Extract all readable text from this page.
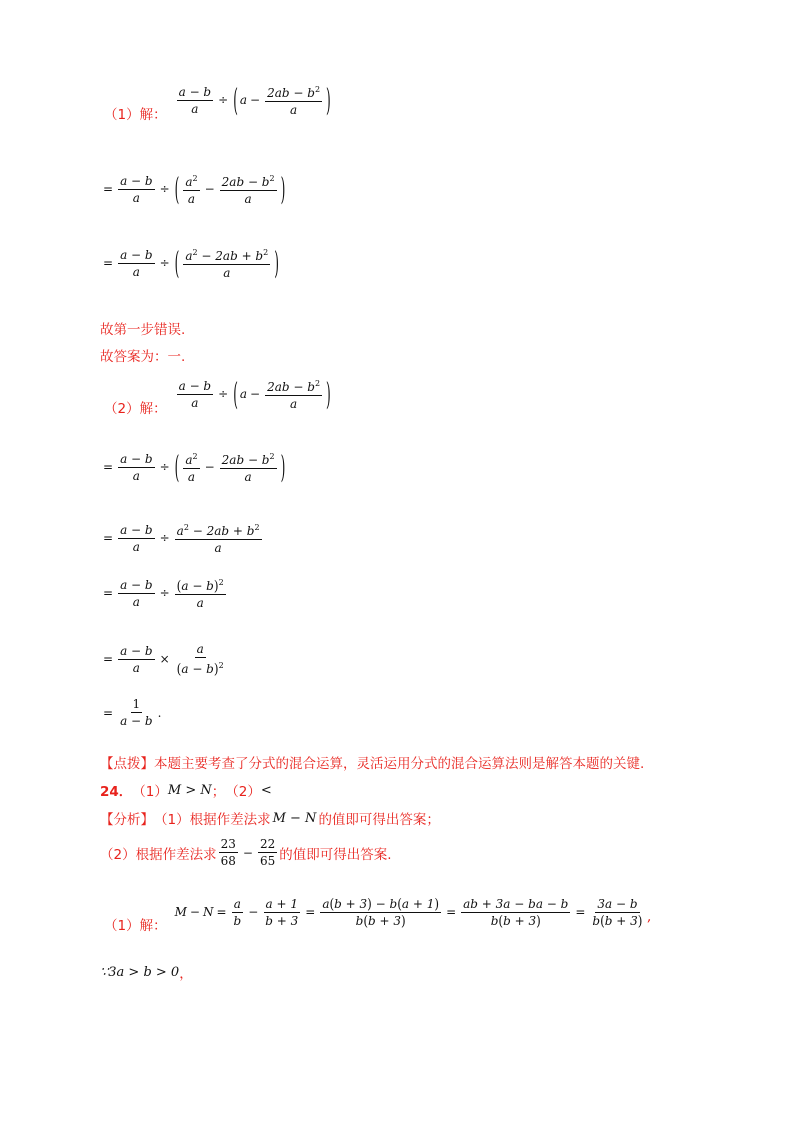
（1）解： $\frac{a - b}{a}$ ÷ ( $a - \frac{2ab - b^2}{a}$ )
= $\frac{a - b}{a}$ ÷ ( $\frac{a^2}{a} - \frac{2ab - b^2}{a}$ )
= $\frac{a - b}{a}$ ÷ ( $\frac{a^2 - 2ab + b^2}{a}$ )
故第一步错误.
故答案为：一.
（2）解： $\frac{a - b}{a}$ ÷ ( $a - \frac{2ab - b^2}{a}$ )
= $\frac{a - b}{a}$ ÷ ( $\frac{a^2}{a} - \frac{2ab - b^2}{a}$ )
= $\frac{a - b}{a} \div \frac{a^2 - 2ab + b^2}{a}$
= $\frac{a - b}{a} \div \frac{(a - b)^2}{a}$
= $\frac{a - b}{a} \times \frac{a}{(a - b)^2}$
= $\frac{1}{a - b}$ .
【点拨】本题主要考查了分式的混合运算，灵活运用分式的混合运算法则是解答本题的关键.
24． （1） M > N ； （2） <
【分析】 （1）根据作差法求 M − N 的值即可得出答案；
（2）根据作差法求 $\frac{23}{68} - \frac{22}{65}$ 的值即可得出答案.
（1）解：
$M - N = \frac{a}{b} - \frac{a + 1}{b + 3} = \frac{a(b + 3) - b(a + 1)}{b(b + 3)} = \frac{ab + 3a - ba - b}{b(b + 3)} = \frac{3a - b}{b(b + 3)}$ ,
∵3a > b > 0 ，
